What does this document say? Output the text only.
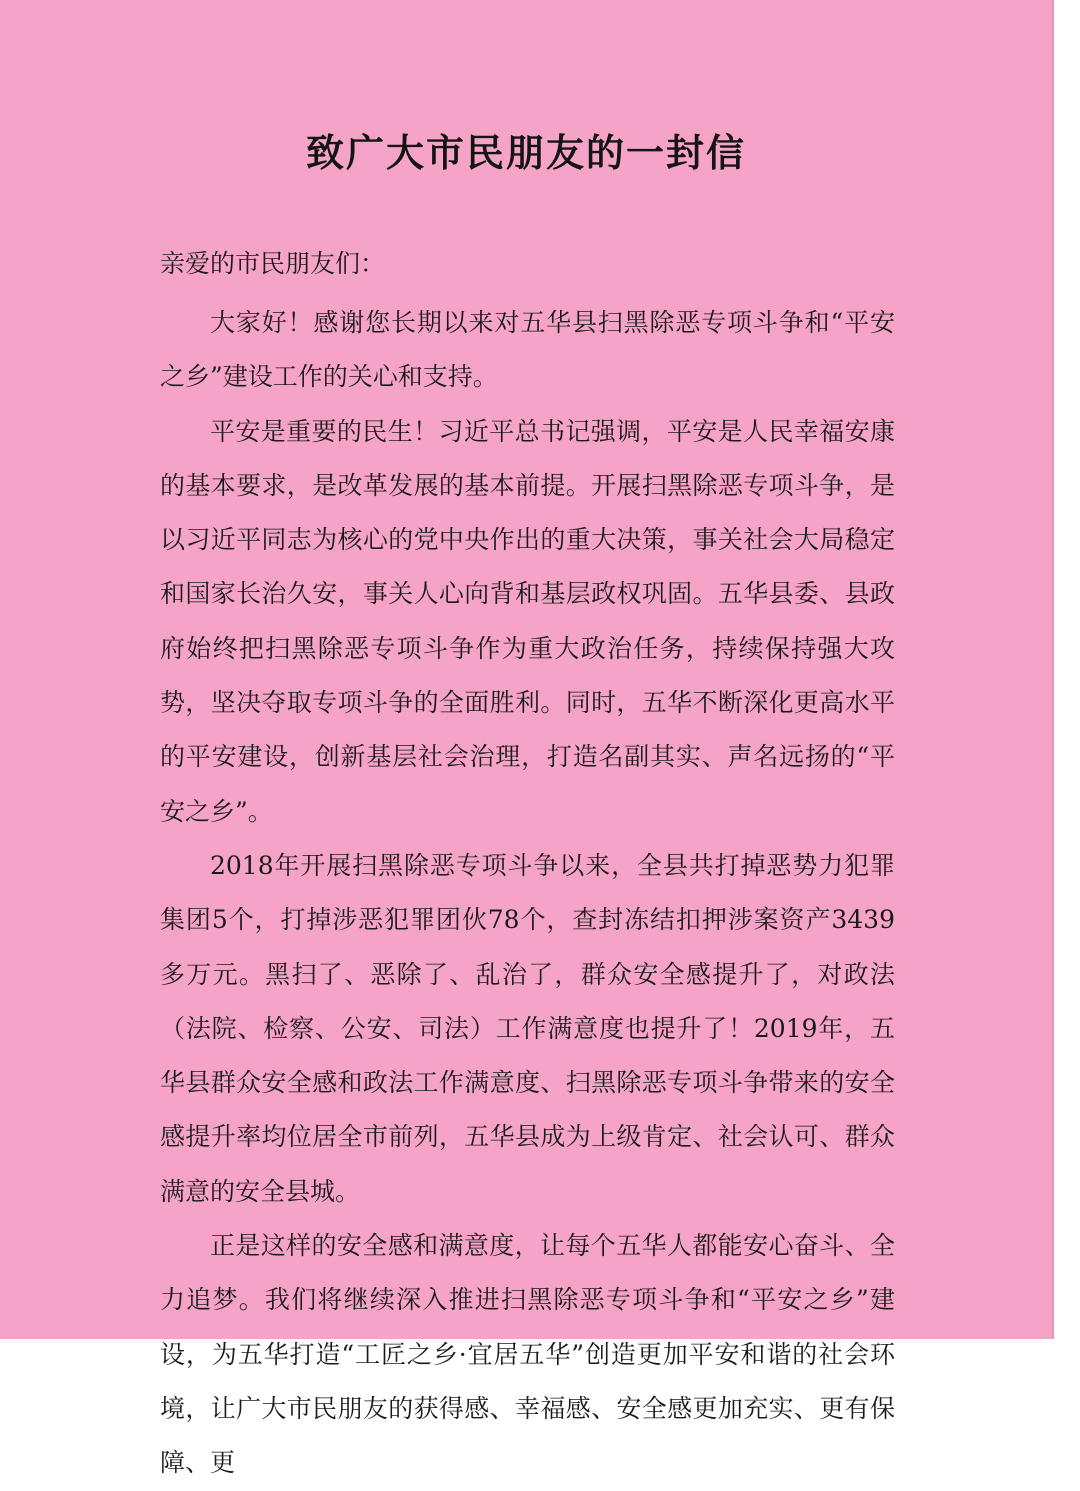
致广大市民朋友的一封信
亲爱的市民朋友们：

大家好！感谢您长期以来对五华县扫黑除恶专项斗争和“平安之乡”建设工作的关心和支持。

平安是重要的民生！习近平总书记强调，平安是人民幸福安康的基本要求，是改革发展的基本前提。开展扫黑除恶专项斗争，是以习近平同志为核心的党中央作出的重大决策，事关社会大局稳定和国家长治久安，事关人心向背和基层政权巩固。五华县委、县政府始终把扫黑除恶专项斗争作为重大政治任务，持续保持强大攻势，坚决夺取专项斗争的全面胜利。同时，五华不断深化更高水平的平安建设，创新基层社会治理，打造名副其实、声名远扬的“平安之乡”。

2018年开展扫黑除恶专项斗争以来，全县共打掉恶势力犯罪集团5个，打掉涉恶犯罪团伙78个，查封冻结扣押涉案资产3439多万元。黑扫了、恶除了、乱治了，群众安全感提升了，对政法（法院、检察、公安、司法）工作满意度也提升了！2019年，五华县群众安全感和政法工作满意度、扫黑除恶专项斗争带来的安全感提升率均位居全市前列，五华县成为上级肯定、社会认可、群众满意的安全县城。

正是这样的安全感和满意度，让每个五华人都能安心奋斗、全力追梦。我们将继续深入推进扫黑除恶专项斗争和“平安之乡”建设，为五华打造“工匠之乡·宜居五华”创造更加平安和谐的社会环境，让广大市民朋友的获得感、幸福感、安全感更加充实、更有保障、更
